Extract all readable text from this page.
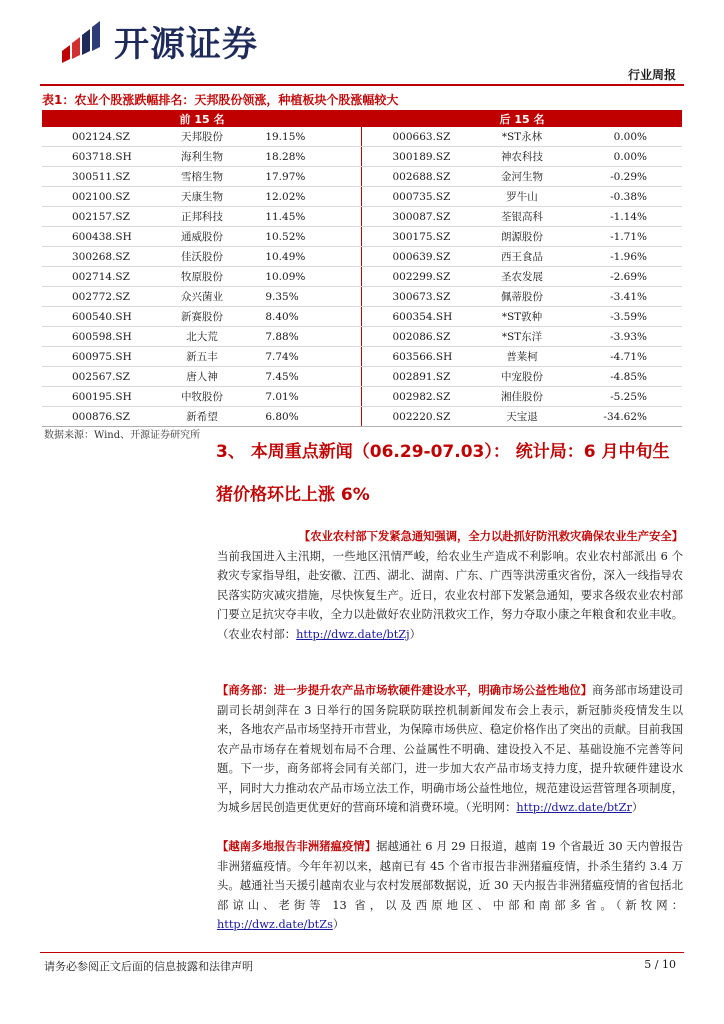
开源证券
行业周报
表1：农业个股涨跌幅排名：天邦股份领涨，种植板块个股涨幅较大
前 15 名			后 15 名		
002124.SZ	天邦股份	19.15%	000663.SZ	*ST永林	0.00%
603718.SH	海利生物	18.28%	300189.SZ	神农科技	0.00%
300511.SZ	雪榕生物	17.97%	002688.SZ	金河生物	-0.29%
002100.SZ	天康生物	12.02%	000735.SZ	罗牛山	-0.38%
002157.SZ	正邦科技	11.45%	300087.SZ	荃银高科	-1.14%
600438.SH	通威股份	10.52%	300175.SZ	朗源股份	-1.71%
300268.SZ	佳沃股份	10.49%	000639.SZ	西王食品	-1.96%
002714.SZ	牧原股份	10.09%	002299.SZ	圣农发展	-2.69%
002772.SZ	众兴菌业	9.35%	300673.SZ	佩蒂股份	-3.41%
600540.SH	新赛股份	8.40%	600354.SH	*ST敦种	-3.59%
600598.SH	北大荒	7.88%	002086.SZ	*ST东洋	-3.93%
600975.SH	新五丰	7.74%	603566.SH	普莱柯	-4.71%
002567.SZ	唐人神	7.45%	002891.SZ	中宠股份	-4.85%
600195.SH	中牧股份	7.01%	002982.SZ	湘佳股份	-5.25%
000876.SZ	新希望	6.80%	002220.SZ	天宝退	-34.62%
数据来源：Wind、开源证券研究所
3、 本周重点新闻（06.29-07.03）： 统计局：6 月中旬生猪价格环比上涨 6%
【农业农村部下发紧急通知强调，全力以赴抓好防汛救灾确保农业生产安全】
当前我国进入主汛期，一些地区汛情严峻，给农业生产造成不利影响。农业农村部派出 6 个救灾专家指导组，赴安徽、江西、湖北、湖南、广东、广西等洪涝重灾省份，深入一线指导农民落实防灾减灾措施，尽快恢复生产。近日，农业农村部下发紧急通知，要求各级农业农村部门要立足抗灾夺丰收，全力以赴做好农业防汛救灾工作，努力夺取小康之年粮食和农业丰收。 （农业农村部：http://dwz.date/btZj）
【商务部：进一步提升农产品市场软硬件建设水平，明确市场公益性地位】商务部市场建设司副司长胡剑萍在 3 日举行的国务院联防联控机制新闻发布会上表示，新冠肺炎疫情发生以来，各地农产品市场坚持开市营业，为保障市场供应、稳定价格作出了突出的贡献。目前我国农产品市场存在着规划布局不合理、公益属性不明确、建设投入不足、基础设施不完善等问题。下一步，商务部将会同有关部门，进一步加大农产品市场支持力度，提升软硬件建设水平，同时大力推动农产品市场立法工作，明确市场公益性地位，规范建设运营管理各项制度，为城乡居民创造更优更好的营商环境和消费环境。（光明网：http://dwz.date/btZr）
【越南多地报告非洲猪瘟疫情】据越通社 6 月 29 日报道，越南 19 个省最近 30 天内曾报告非洲猪瘟疫情。今年年初以来，越南已有 45 个省市报告非洲猪瘟疫情，扑杀生猪约 3.4 万头。越通社当天援引越南农业与农村发展部数据说，近 30 天内报告非洲猪瘟疫情的省包括北部谅山、老街等 13 省，以及西原地区、中部和南部多省。（新牧网：http://dwz.date/btZs）
请务必参阅正文后面的信息披露和法律声明	5 / 10
